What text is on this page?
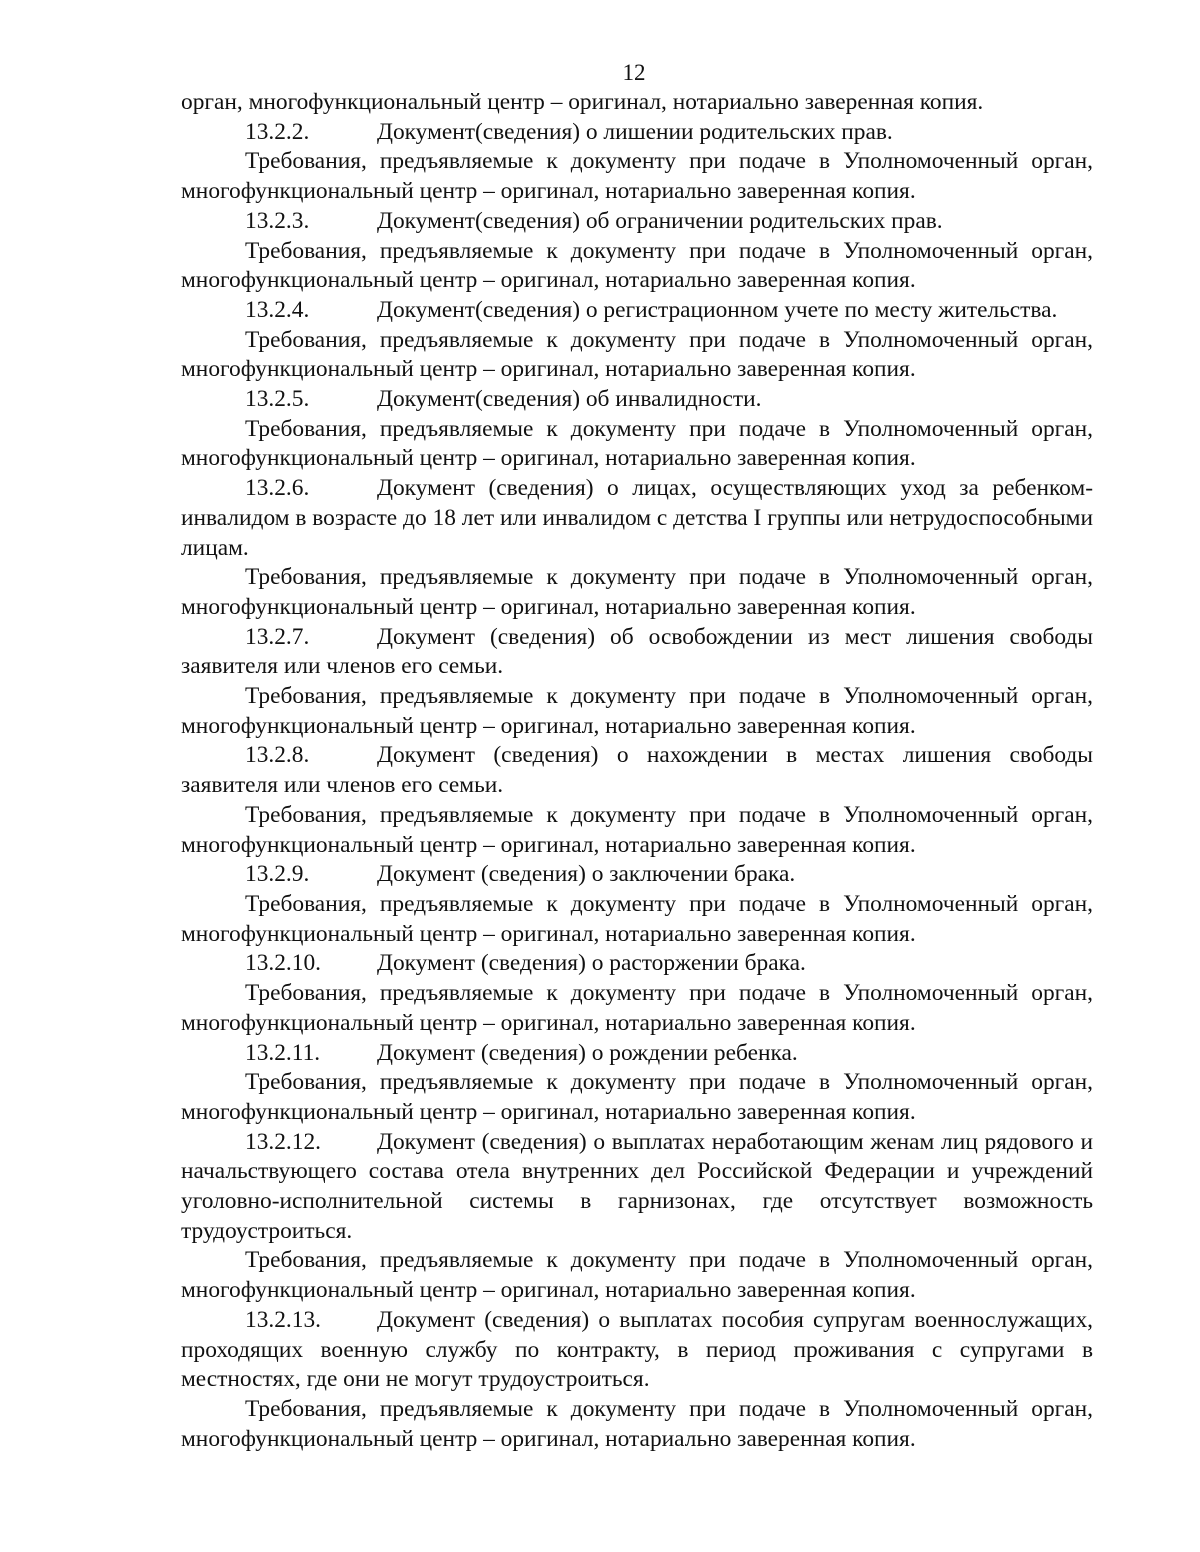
12

орган, многофункциональный центр – оригинал, нотариально заверенная копия.

13.2.2.	Документ(сведения) о лишении родительских прав.

Требования, предъявляемые к документу при подаче в Уполномоченный орган, многофункциональный центр – оригинал, нотариально заверенная копия.

13.2.3.	Документ(сведения) об ограничении родительских прав.

Требования, предъявляемые к документу при подаче в Уполномоченный орган, многофункциональный центр – оригинал, нотариально заверенная копия.

13.2.4.	Документ(сведения) о регистрационном учете по месту жительства.

Требования, предъявляемые к документу при подаче в Уполномоченный орган, многофункциональный центр – оригинал, нотариально заверенная копия.

13.2.5.	Документ(сведения) об инвалидности.

Требования, предъявляемые к документу при подаче в Уполномоченный орган, многофункциональный центр – оригинал, нотариально заверенная копия.

13.2.6.	Документ (сведения) о лицах, осуществляющих уход за ребенком-инвалидом в возрасте до 18 лет или инвалидом с детства I группы или нетрудоспособными лицам.

Требования, предъявляемые к документу при подаче в Уполномоченный орган, многофункциональный центр – оригинал, нотариально заверенная копия.

13.2.7.	Документ (сведения) об освобождении из мест лишения свободы заявителя или членов его семьи.

Требования, предъявляемые к документу при подаче в Уполномоченный орган, многофункциональный центр – оригинал, нотариально заверенная копия.

13.2.8.	Документ (сведения) о нахождении в местах лишения свободы заявителя или членов его семьи.

Требования, предъявляемые к документу при подаче в Уполномоченный орган, многофункциональный центр – оригинал, нотариально заверенная копия.

13.2.9.	Документ (сведения) о заключении брака.

Требования, предъявляемые к документу при подаче в Уполномоченный орган, многофункциональный центр – оригинал, нотариально заверенная копия.

13.2.10. Документ (сведения) о расторжении брака.

Требования, предъявляемые к документу при подаче в Уполномоченный орган, многофункциональный центр – оригинал, нотариально заверенная копия.

13.2.11. Документ (сведения) о рождении ребенка.

Требования, предъявляемые к документу при подаче в Уполномоченный орган, многофункциональный центр – оригинал, нотариально заверенная копия.

13.2.12. Документ (сведения) о выплатах неработающим женам лиц рядового и начальствующего состава отела внутренних дел Российской Федерации и учреждений уголовно-исполнительной системы в гарнизонах, где отсутствует возможность трудоустроиться.

Требования, предъявляемые к документу при подаче в Уполномоченный орган, многофункциональный центр – оригинал, нотариально заверенная копия.

13.2.13. Документ (сведения) о выплатах пособия супругам военнослужащих, проходящих военную службу по контракту, в период проживания с супругами в местностях, где они не могут трудоустроиться.

Требования, предъявляемые к документу при подаче в Уполномоченный орган, многофункциональный центр – оригинал, нотариально заверенная копия.
